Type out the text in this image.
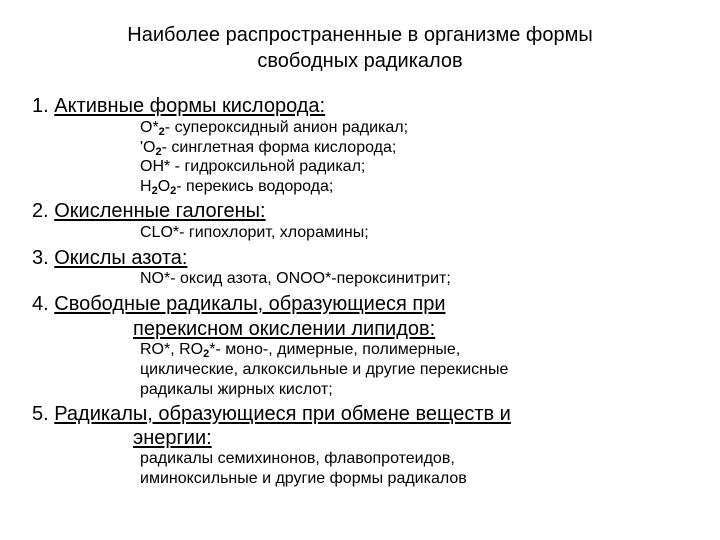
Наиболее распространенные в организме формы
свободных радикалов
1. Активные формы кислорода:
$O*_2-$ супероксидный анион радикал;
'$O_2-$ синглетная форма кислорода;
OH* - гидроксильной радикал;
$H_2O_2-$ перекись водорода;
2. Окисленные галогены:
CLO*- гипохлорит, хлорамины;
3. Окислы азота:
NO*- оксид азота, ONOO*-пероксинитрит;
4. Свободные радикалы, образующиеся при
перекисном окислении липидов:
RO*, $RO_2*-$ моно-, димерные, полимерные,
циклические, алкоксильные и другие перекисные
радикалы жирных кислот;
5. Радикалы, образующиеся при обмене веществ и
энергии:
радикалы семихинонов, флавопротеидов,
иминоксильные и другие формы радикалов
